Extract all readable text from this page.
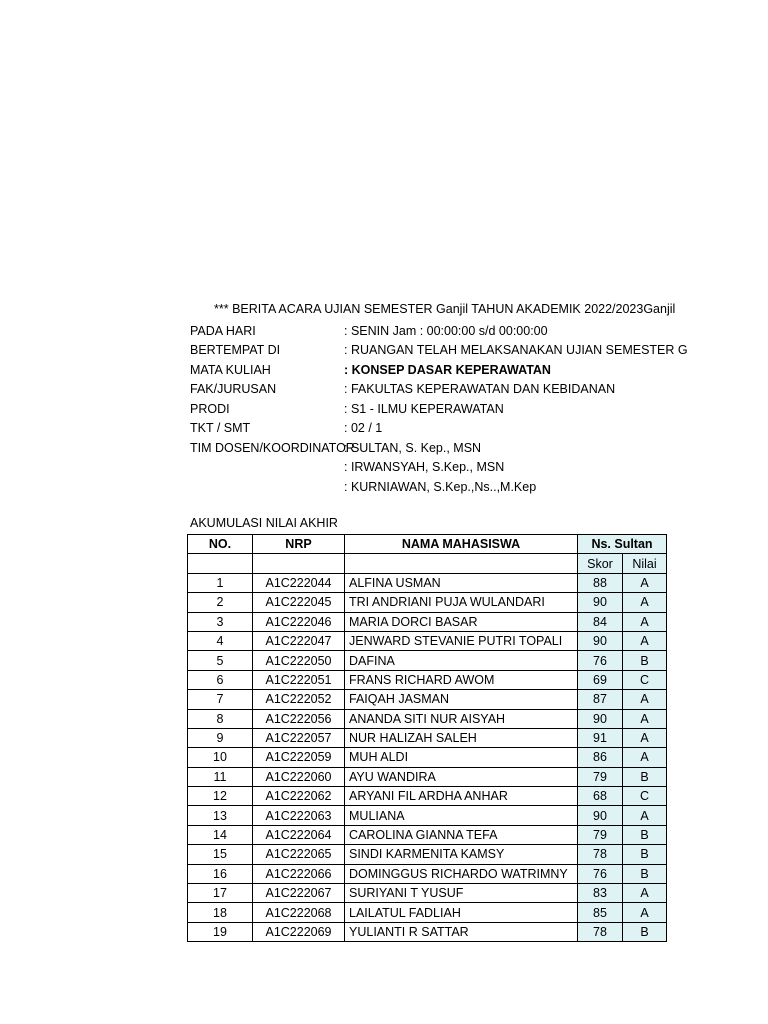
*** BERITA ACARA UJIAN SEMESTER Ganjil TAHUN AKADEMIK 2022/2023Ganjil
PADA HARI	: SENIN Jam : 00:00:00 s/d 00:00:00
BERTEMPAT DI	: RUANGAN TELAH MELAKSANAKAN UJIAN SEMESTER G
MATA KULIAH	: KONSEP DASAR KEPERAWATAN
FAK/JURUSAN	: FAKULTAS KEPERAWATAN DAN KEBIDANAN
PRODI	: S1 - ILMU KEPERAWATAN
TKT / SMT	: 02 / 1
TIM DOSEN/KOORDINATOR
: SULTAN, S. Kep., MSN
: IRWANSYAH, S.Kep., MSN
: KURNIAWAN, S.Kep.,Ns..,M.Kep
AKUMULASI NILAI AKHIR
NO.	NRP	NAMA MAHASISWA	Ns. Sultan	
			Skor	Nilai
1	A1C222044	ALFINA USMAN	88	A
2	A1C222045	TRI ANDRIANI PUJA WULANDARI	90	A
3	A1C222046	MARIA DORCI BASAR	84	A
4	A1C222047	JENWARD STEVANIE PUTRI TOPALI	90	A
5	A1C222050	DAFINA	76	B
6	A1C222051	FRANS RICHARD AWOM	69	C
7	A1C222052	FAIQAH JASMAN	87	A
8	A1C222056	ANANDA SITI NUR AISYAH	90	A
9	A1C222057	NUR HALIZAH SALEH	91	A
10	A1C222059	MUH ALDI	86	A
11	A1C222060	AYU WANDIRA	79	B
12	A1C222062	ARYANI FIL ARDHA ANHAR	68	C
13	A1C222063	MULIANA	90	A
14	A1C222064	CAROLINA GIANNA TEFA	79	B
15	A1C222065	SINDI KARMENITA KAMSY	78	B
16	A1C222066	DOMINGGUS RICHARDO WATRIMNY	76	B
17	A1C222067	SURIYANI T YUSUF	83	A
18	A1C222068	LAILATUL FADLIAH	85	A
19	A1C222069	YULIANTI R SATTAR	78	B
